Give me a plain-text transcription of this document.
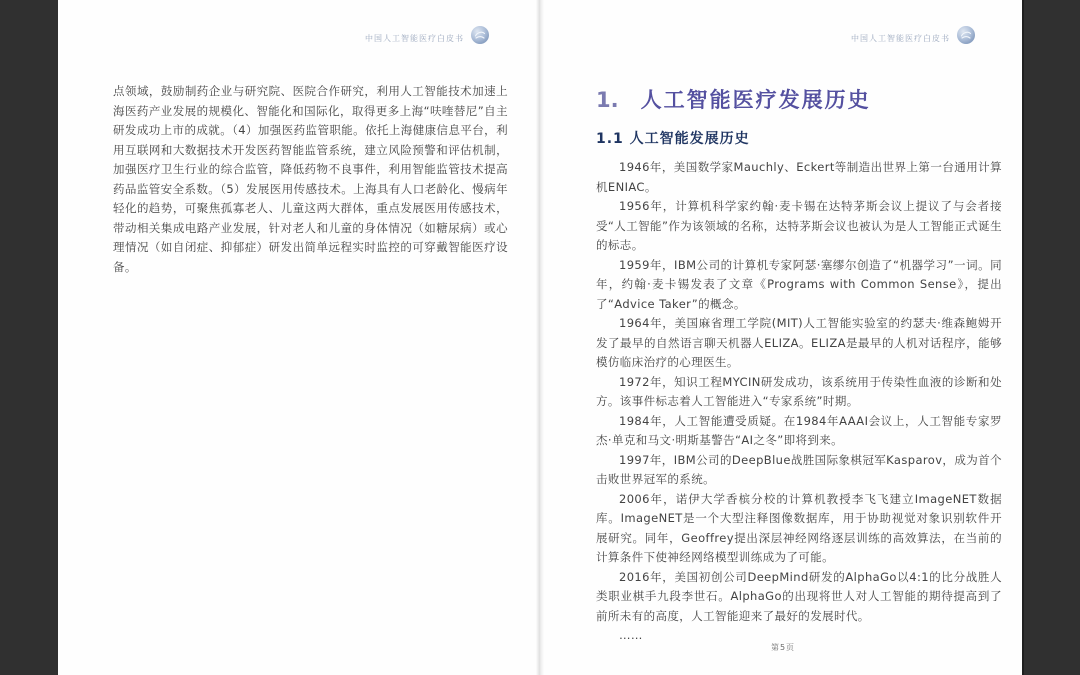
中国人工智能医疗白皮书
点领域，鼓励制药企业与研究院、医院合作研究，利用人工智能技术加速上海医药产业发展的规模化、智能化和国际化，取得更多上海“呋喹替尼”自主研发成功上市的成就。（4）加强医药监管职能。依托上海健康信息平台，利用互联网和大数据技术开发医药智能监管系统，建立风险预警和评估机制，加强医疗卫生行业的综合监管，降低药物不良事件，利用智能监管技术提高药品监管安全系数。（5）发展医用传感技术。上海具有人口老龄化、慢病年轻化的趋势，可聚焦孤寡老人、儿童这两大群体，重点发展医用传感技术，带动相关集成电路产业发展，针对老人和儿童的身体情况（如糖尿病）或心理情况（如自闭症、抑郁症）研发出简单远程实时监控的可穿戴智能医疗设备。
中国人工智能医疗白皮书
1. 人工智能医疗发展历史
1.1 人工智能发展历史

1946年，美国数学家Mauchly、Eckert等制造出世界上第一台通用计算机ENIAC。

1956年，计算机科学家约翰·麦卡锡在达特茅斯会议上提议了与会者接受“人工智能”作为该领域的名称，达特茅斯会议也被认为是人工智能正式诞生的标志。

1959年，IBM公司的计算机专家阿瑟·塞缪尔创造了“机器学习”一词。同年，约翰·麦卡锡发表了文章《Programs with Common Sense》，提出了“Advice Taker”的概念。

1964年，美国麻省理工学院(MIT)人工智能实验室的约瑟夫·维森鲍姆开发了最早的自然语言聊天机器人ELIZA。ELIZA是最早的人机对话程序，能够模仿临床治疗的心理医生。

1972年，知识工程MYCIN研发成功，该系统用于传染性血液的诊断和处方。该事件标志着人工智能进入“专家系统”时期。

1984年，人工智能遭受质疑。在1984年AAAI会议上，人工智能专家罗杰·单克和马文·明斯基警告“AI之冬”即将到来。

1997年，IBM公司的DeepBlue战胜国际象棋冠军Kasparov，成为首个击败世界冠军的系统。

2006年，诺伊大学香槟分校的计算机教授李飞飞建立ImageNET数据库。ImageNET是一个大型注释图像数据库，用于协助视觉对象识别软件开展研究。同年，Geoffrey提出深层神经网络逐层训练的高效算法，在当前的计算条件下使神经网络模型训练成为了可能。

2016年，美国初创公司DeepMind研发的AlphaGo以4:1的比分战胜人类职业棋手九段李世石。AlphaGo的出现将世人对人工智能的期待提高到了前所未有的高度，人工智能迎来了最好的发展时代。

……

第5页
